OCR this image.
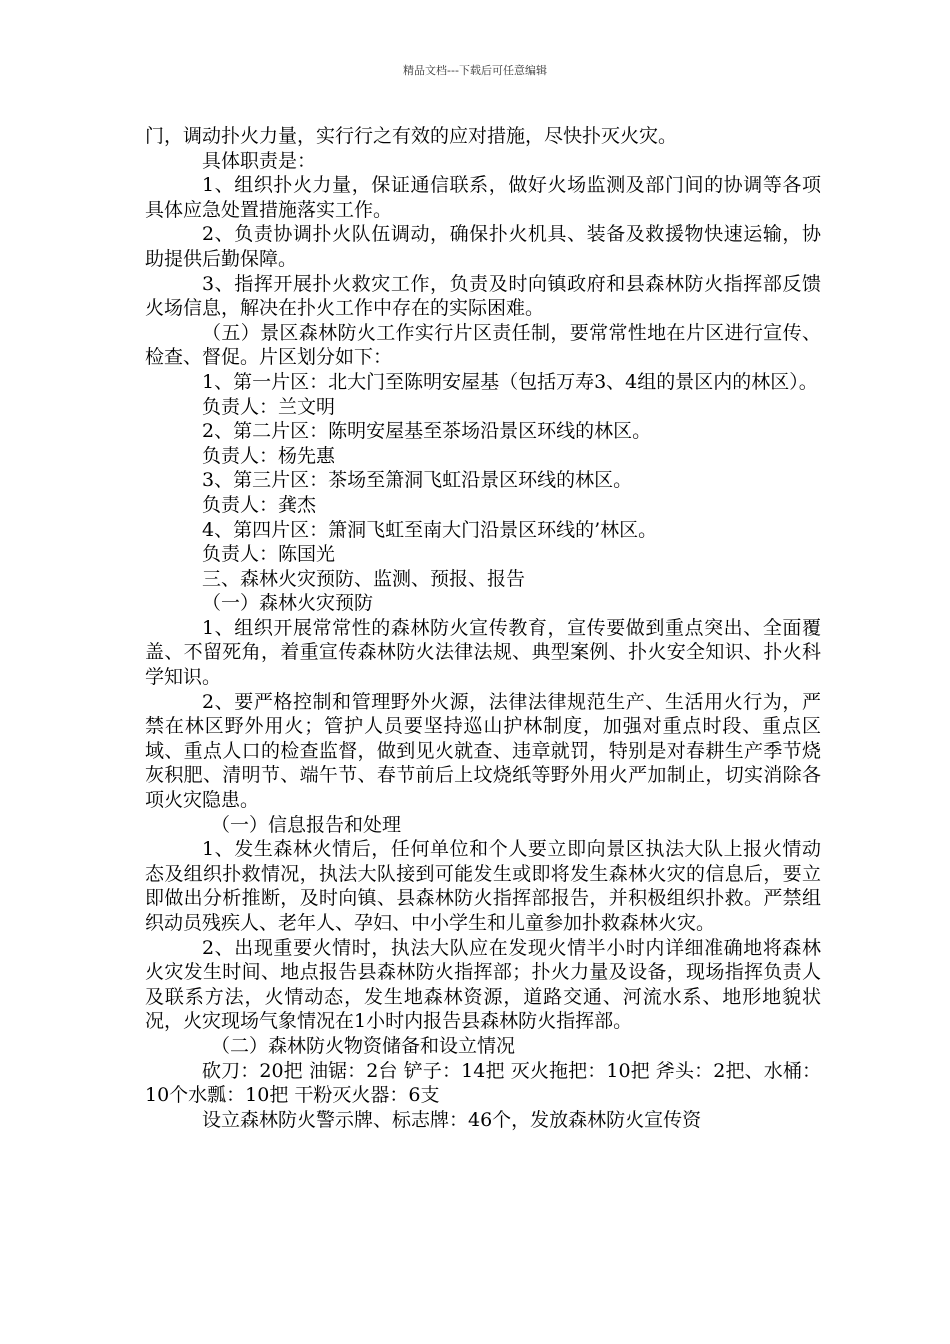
精品文档---下载后可任意编辑

门，调动扑火力量，实行行之有效的应对措施，尽快扑灭火灾。

具体职责是：

1、组织扑火力量，保证通信联系，做好火场监测及部门间的协调等各项具体应急处置措施落实工作。

2、负责协调扑火队伍调动，确保扑火机具、装备及救援物快速运输，协助提供后勤保障。

3、指挥开展扑火救灾工作，负责及时向镇政府和县森林防火指挥部反馈火场信息，解决在扑火工作中存在的实际困难。

（五）景区森林防火工作实行片区责任制，要常常性地在片区进行宣传、检查、督促。片区划分如下：

1、第一片区：北大门至陈明安屋基（包括万寿3、4组的景区内的林区）。

负责人：兰文明

2、第二片区：陈明安屋基至茶场沿景区环线的林区。

负责人：杨先惠

3、第三片区：茶场至箫洞飞虹沿景区环线的林区。

负责人：龚杰

4、第四片区：箫洞飞虹至南大门沿景区环线的’林区。

负责人：陈国光

三、森林火灾预防、监测、预报、报告

（一）森林火灾预防

1、组织开展常常性的森林防火宣传教育，宣传要做到重点突出、全面覆盖、不留死角，着重宣传森林防火法律法规、典型案例、扑火安全知识、扑火科学知识。

2、要严格控制和管理野外火源，法律法律规范生产、生活用火行为，严禁在林区野外用火；管护人员要坚持巡山护林制度，加强对重点时段、重点区域、重点人口的检查监督，做到见火就查、违章就罚，特别是对春耕生产季节烧灰积肥、清明节、端午节、春节前后上坟烧纸等野外用火严加制止，切实消除各项火灾隐患。

（一）信息报告和处理

1、发生森林火情后，任何单位和个人要立即向景区执法大队上报火情动态及组织扑救情况，执法大队接到可能发生或即将发生森林火灾的信息后，要立即做出分析推断，及时向镇、县森林防火指挥部报告，并积极组织扑救。严禁组织动员残疾人、老年人、孕妇、中小学生和儿童参加扑救森林火灾。

2、出现重要火情时，执法大队应在发现火情半小时内详细准确地将森林火灾发生时间、地点报告县森林防火指挥部；扑火力量及设备，现场指挥负责人及联系方法，火情动态，发生地森林资源，道路交通、河流水系、地形地貌状况，火灾现场气象情况在1小时内报告县森林防火指挥部。

（二）森林防火物资储备和设立情况

砍刀：20把 油锯：2台 铲子：14把 灭火拖把：10把 斧头：2把、水桶：10个水瓢：10把 干粉灭火器：6支

设立森林防火警示牌、标志牌：46个，发放森林防火宣传资
